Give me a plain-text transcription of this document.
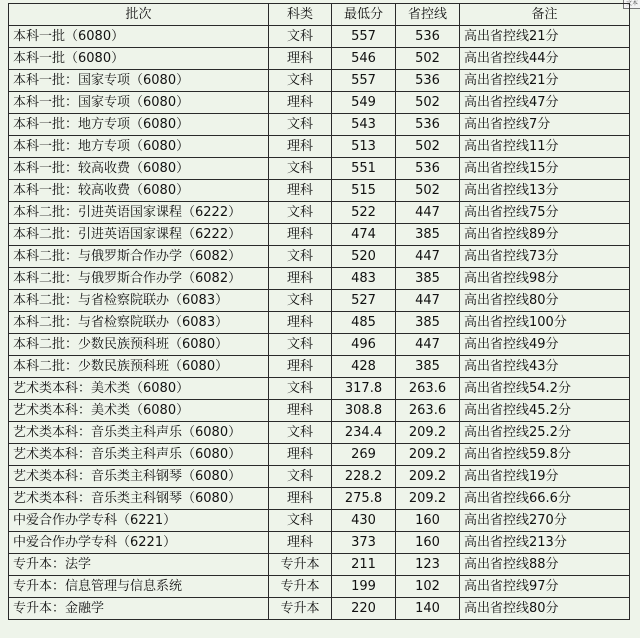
文本
批次	科类	最低分	省控线	备注
本科一批（6080）	文科	557	536	高出省控线21分
本科一批（6080）	理科	546	502	高出省控线44分
本科一批：国家专项（6080）	文科	557	536	高出省控线21分
本科一批：国家专项（6080）	理科	549	502	高出省控线47分
本科一批：地方专项（6080）	文科	543	536	高出省控线7分
本科一批：地方专项（6080）	理科	513	502	高出省控线11分
本科一批：较高收费（6080）	文科	551	536	高出省控线15分
本科一批：较高收费（6080）	理科	515	502	高出省控线13分
本科二批：引进英语国家课程（6222）	文科	522	447	高出省控线75分
本科二批：引进英语国家课程（6222）	理科	474	385	高出省控线89分
本科二批：与俄罗斯合作办学（6082）	文科	520	447	高出省控线73分
本科二批：与俄罗斯合作办学（6082）	理科	483	385	高出省控线98分
本科二批：与省检察院联办（6083）	文科	527	447	高出省控线80分
本科二批：与省检察院联办（6083）	理科	485	385	高出省控线100分
本科二批：少数民族预科班（6080）	文科	496	447	高出省控线49分
本科二批：少数民族预科班（6080）	理科	428	385	高出省控线43分
艺术类本科：美术类（6080）	文科	317.8	263.6	高出省控线54.2分
艺术类本科：美术类（6080）	理科	308.8	263.6	高出省控线45.2分
艺术类本科：音乐类主科声乐（6080）	文科	234.4	209.2	高出省控线25.2分
艺术类本科：音乐类主科声乐（6080）	理科	269	209.2	高出省控线59.8分
艺术类本科：音乐类主科钢琴（6080）	文科	228.2	209.2	高出省控线19分
艺术类本科：音乐类主科钢琴（6080）	理科	275.8	209.2	高出省控线66.6分
中爱合作办学专科（6221）	文科	430	160	高出省控线270分
中爱合作办学专科（6221）	理科	373	160	高出省控线213分
专升本：法学	专升本	211	123	高出省控线88分
专升本：信息管理与信息系统	专升本	199	102	高出省控线97分
专升本：金融学	专升本	220	140	高出省控线80分
